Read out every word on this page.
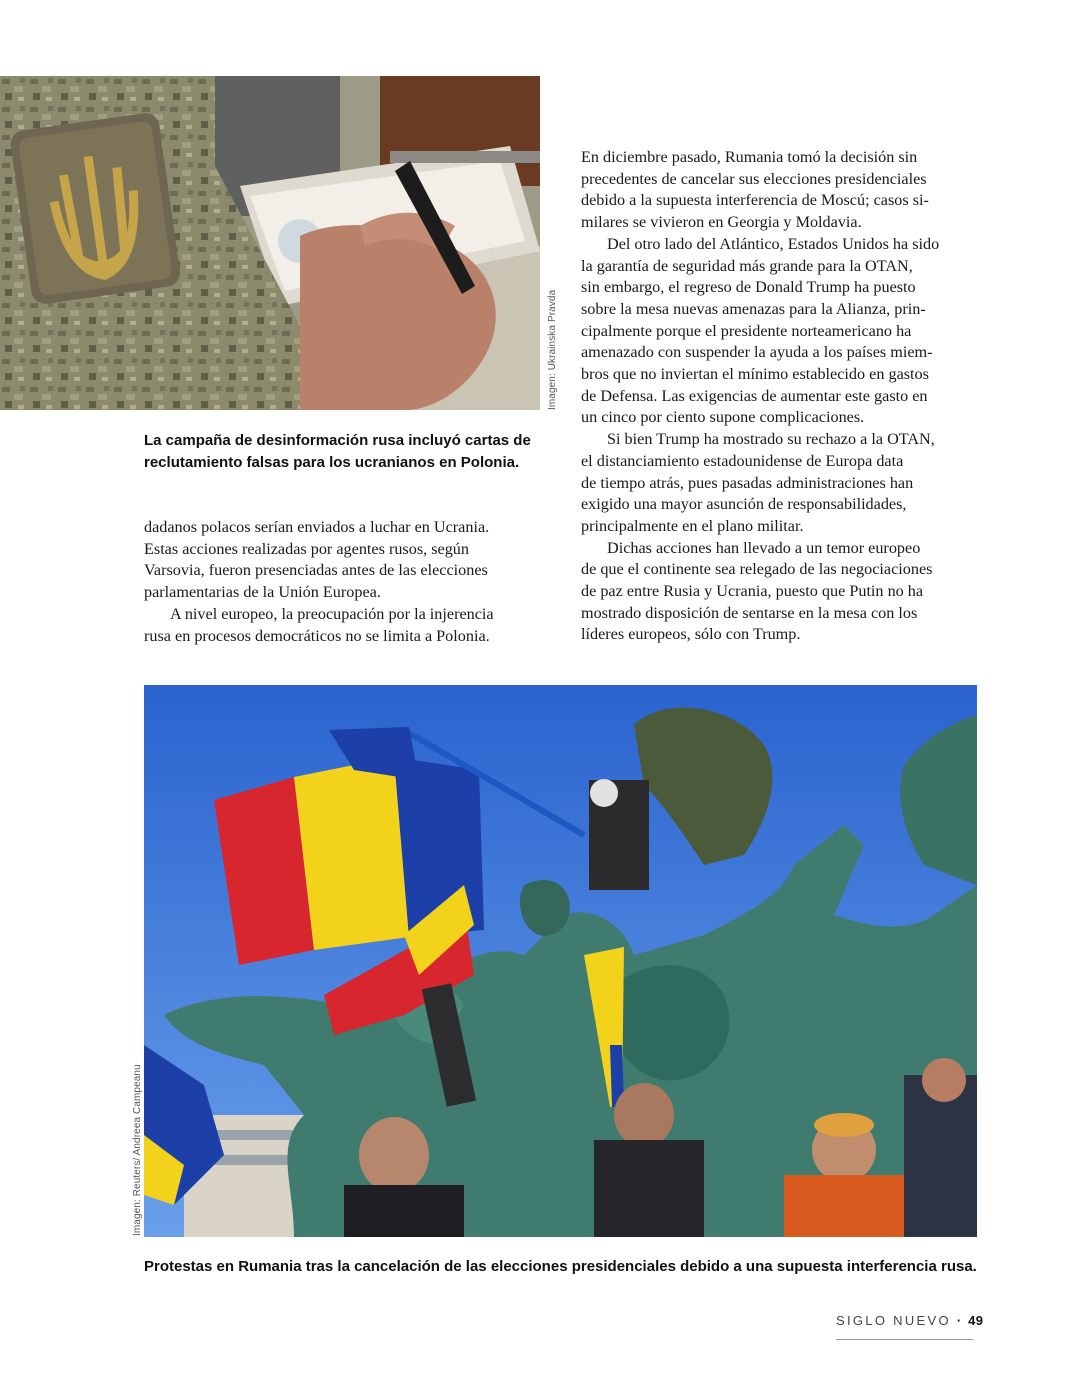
Imagen: Ukrainska Pravda
La campaña de desinformación rusa incluyó cartas de
reclutamiento falsas para los ucranianos en Polonia.

dadanos polacos serían enviados a luchar en Ucrania.
Estas acciones realizadas por agentes rusos, según
Varsovia, fueron presenciadas antes de las elecciones
parlamentarias de la Unión Europea.

A nivel europeo, la preocupación por la injerencia
rusa en procesos democráticos no se limita a Polonia.

En diciembre pasado, Rumania tomó la decisión sin
precedentes de cancelar sus elecciones presidenciales
debido a la supuesta interferencia de Moscú; casos si-
milares se vivieron en Georgia y Moldavia.

Del otro lado del Atlántico, Estados Unidos ha sido
la garantía de seguridad más grande para la OTAN,
sin embargo, el regreso de Donald Trump ha puesto
sobre la mesa nuevas amenazas para la Alianza, prin-
cipalmente porque el presidente norteamericano ha
amenazado con suspender la ayuda a los países miem-
bros que no inviertan el mínimo establecido en gastos
de Defensa. Las exigencias de aumentar este gasto en
un cinco por ciento supone complicaciones.

Si bien Trump ha mostrado su rechazo a la OTAN,
el distanciamiento estadounidense de Europa data
de tiempo atrás, pues pasadas administraciones han
exigido una mayor asunción de responsabilidades,
principalmente en el plano militar.

Dichas acciones han llevado a un temor europeo
de que el continente sea relegado de las negociaciones
de paz entre Rusia y Ucrania, puesto que Putin no ha
mostrado disposición de sentarse en la mesa con los
líderes europeos, sólo con Trump.

Imagen: Reuters/ Andreea Campeanu
Protestas en Rumania tras la cancelación de las elecciones presidenciales debido a una supuesta interferencia rusa.
SIGLO NUEVO · 49
